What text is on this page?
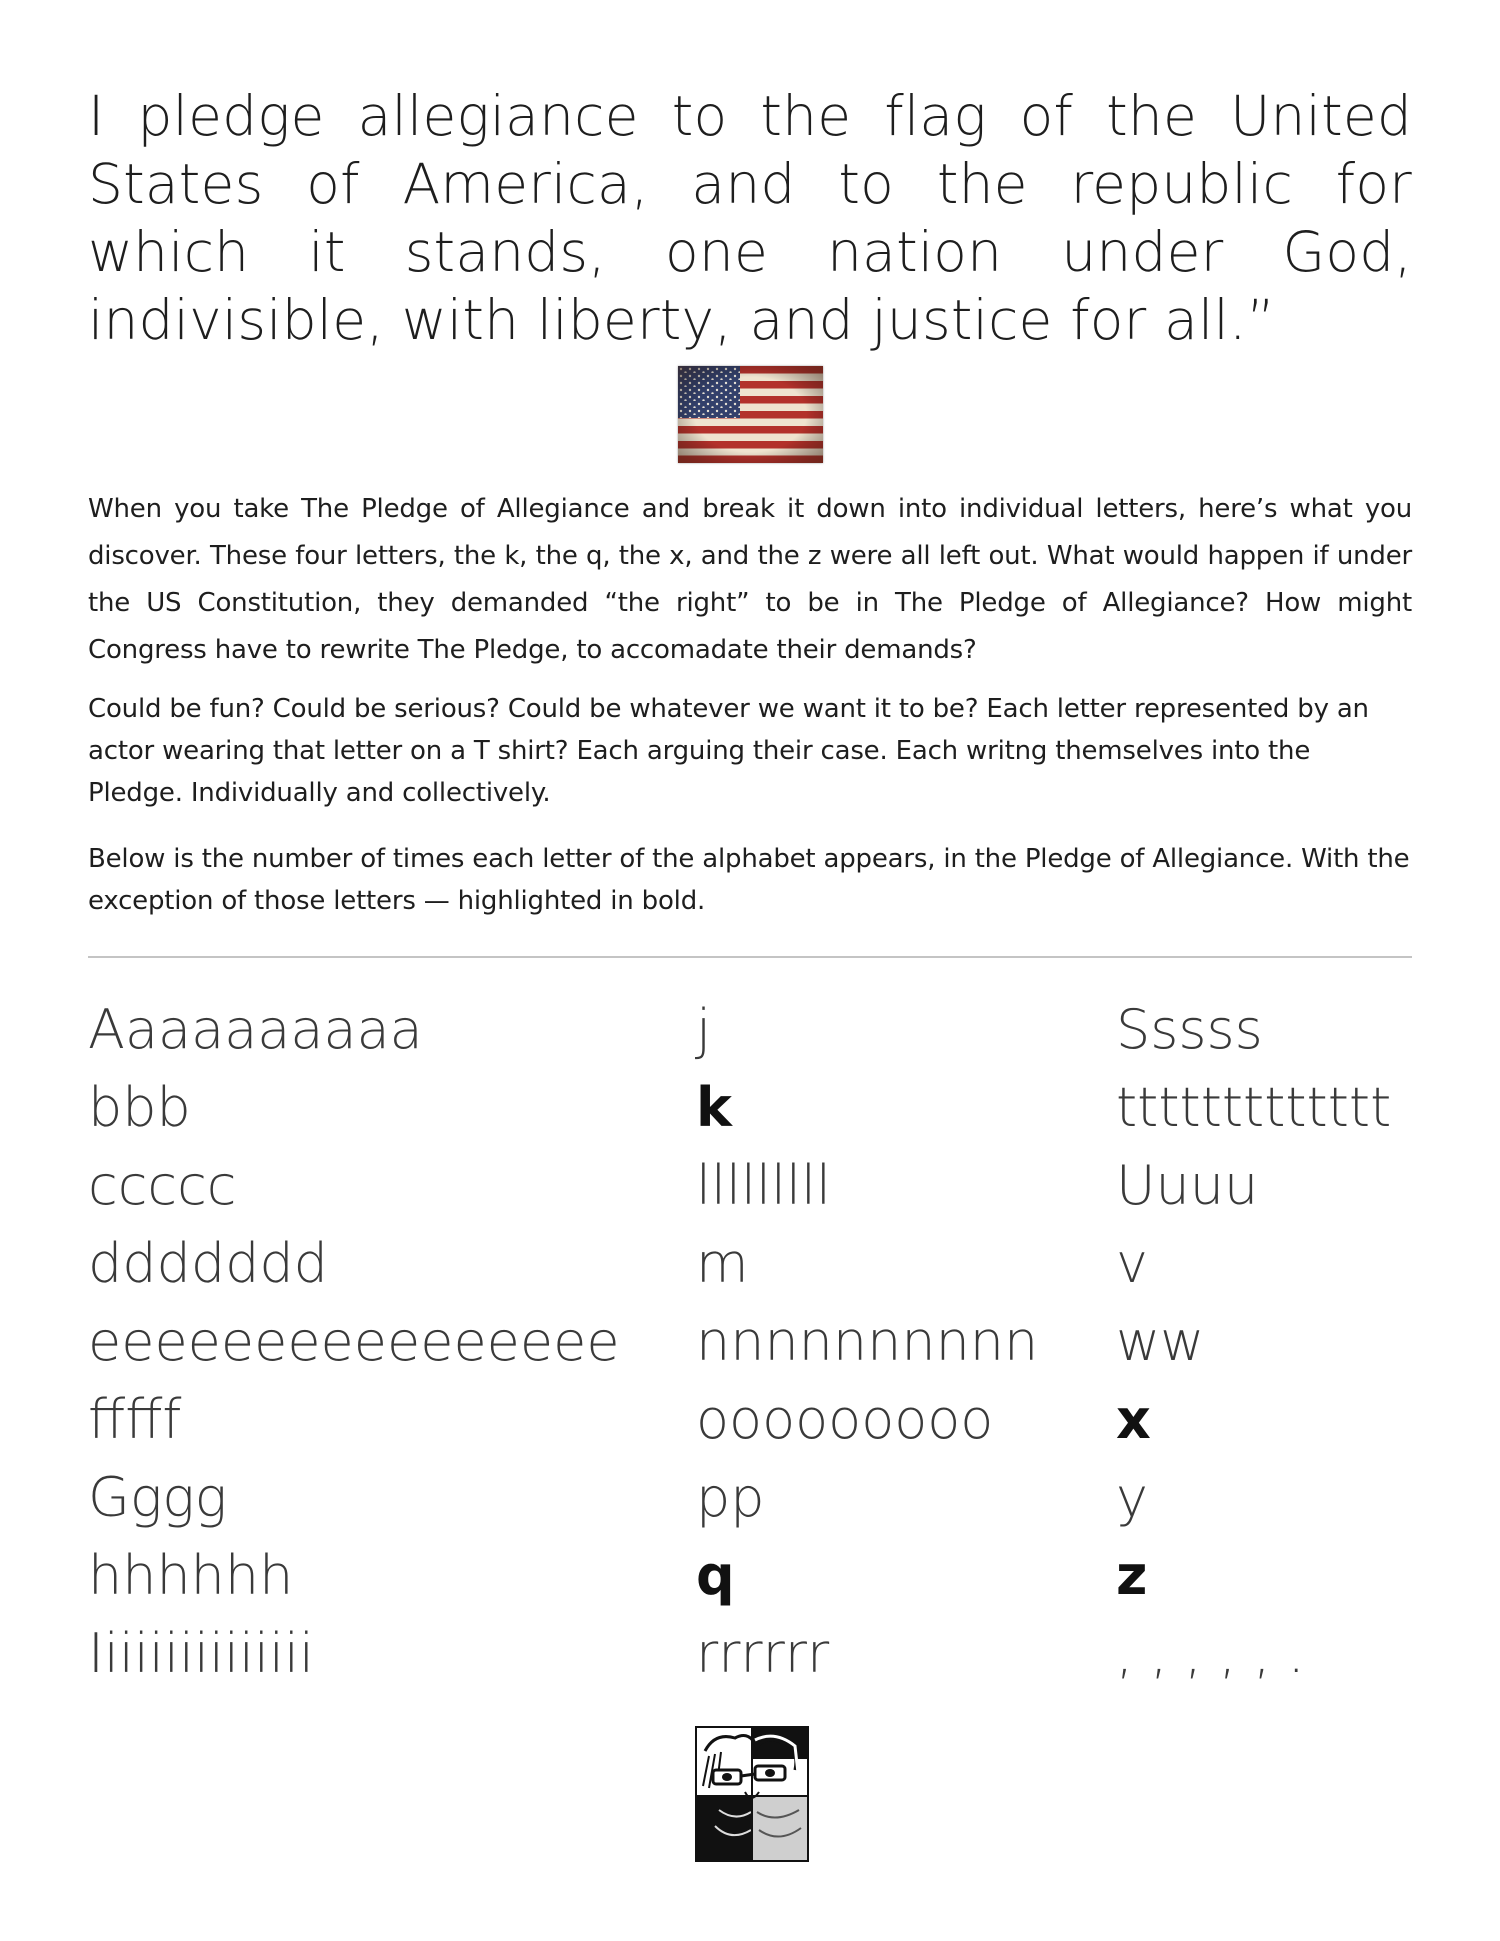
I pledge allegiance to the flag of the United States of America, and to the republic for which it stands, one nation under God, indivisible, with liberty, and justice for all.”

When you take The Pledge of Allegiance and break it down into individual letters, here’s what you discover. These four letters, the k, the q, the x, and the z were all left out. What would happen if under the US Constitution, they demanded “the right” to be in The Pledge of Allegiance? How might Congress have to rewrite The Pledge, to accomadate their demands?

Could be fun? Could be serious? Could be whatever we want it to be? Each letter represented by an actor wearing that letter on a T shirt? Each arguing their case. Each writng themselves into the Pledge. Individually and collectively.

Below is the number of times each letter of the alphabet appears, in the Pledge of Allegiance. With the exception of those letters — highlighted in bold.

Aaaaaaaaaa
bbb
ccccc
ddddddd
eeeeeeeeeeeeeeee
fffff
Gggg
hhhhhh
Iiiiiiiiiiiiiii
j
k
lllllllll
m
nnnnnnnnnn
ooooooooo
pp
q
rrrrrr
Sssss
ttttttttttttt
Uuuu
v
ww
x
y
z
, , , , , .
